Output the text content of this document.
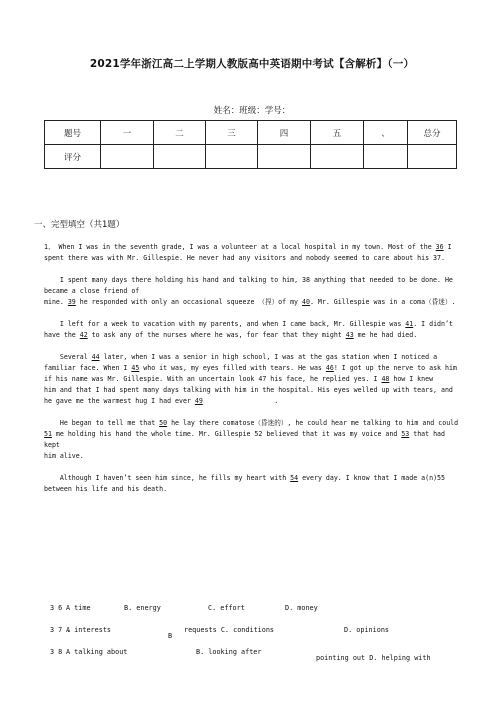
2021学年浙江高二上学期人教版高中英语期中考试【含解析】（一）
姓名：班级：学号：
题号	一	二	三	四	五	、	总分
评分							
一、完型填空（共1题）

1、 When I was in the seventh grade, I was a volunteer at a local hospital in my town. Most of the 36 I spent there was with Mr. Gillespie. He never had any visitors and nobody seemed to care about his 37.

I spent many days there holding his hand and talking to him, 38 anything that needed to be done. He became a close friend of
mine. 39 he responded with only an occasional squeeze （捏）of my 40. Mr. Gillespie was in a coma（昏迷）.

I left for a week to vacation with my parents, and when I came back, Mr. Gillespie was 41. I didn’t have the 42 to ask any of the nurses where he was, for fear that they might 43 me he had died.

Several 44 later, when I was a senior in high school, I was at the gas station when I noticed a familiar face. When I 45 who it was, my eyes filled with tears. He was 46! I got up the nerve to ask him if his name was Mr. Gillespie. With an uncertain look 47 his face, he replied yes. I 48 how I knew
him and that I had spent many days talking with him in the hospital. His eyes welled up with tears, and he gave me the warmest hug I had ever 49                  .

He began to tell me that 50 he lay there comatose（昏迷的）, he could hear me talking to him and could 51 me holding his hand the whole time. Mr. Gillespie 52 believed that it was my voice and 53 that had kept
him alive.

Although I haven’t seen him since, he fills my heart with 54 every day. I know that I made a(n)55 between his life and his death.

3 6 A time	B. energy	C. effort	D. money
3 7 .
A interests
B
requests C. conditions	D. opinions
3 8 A talking about	B. looking after
pointing out D. helping with
